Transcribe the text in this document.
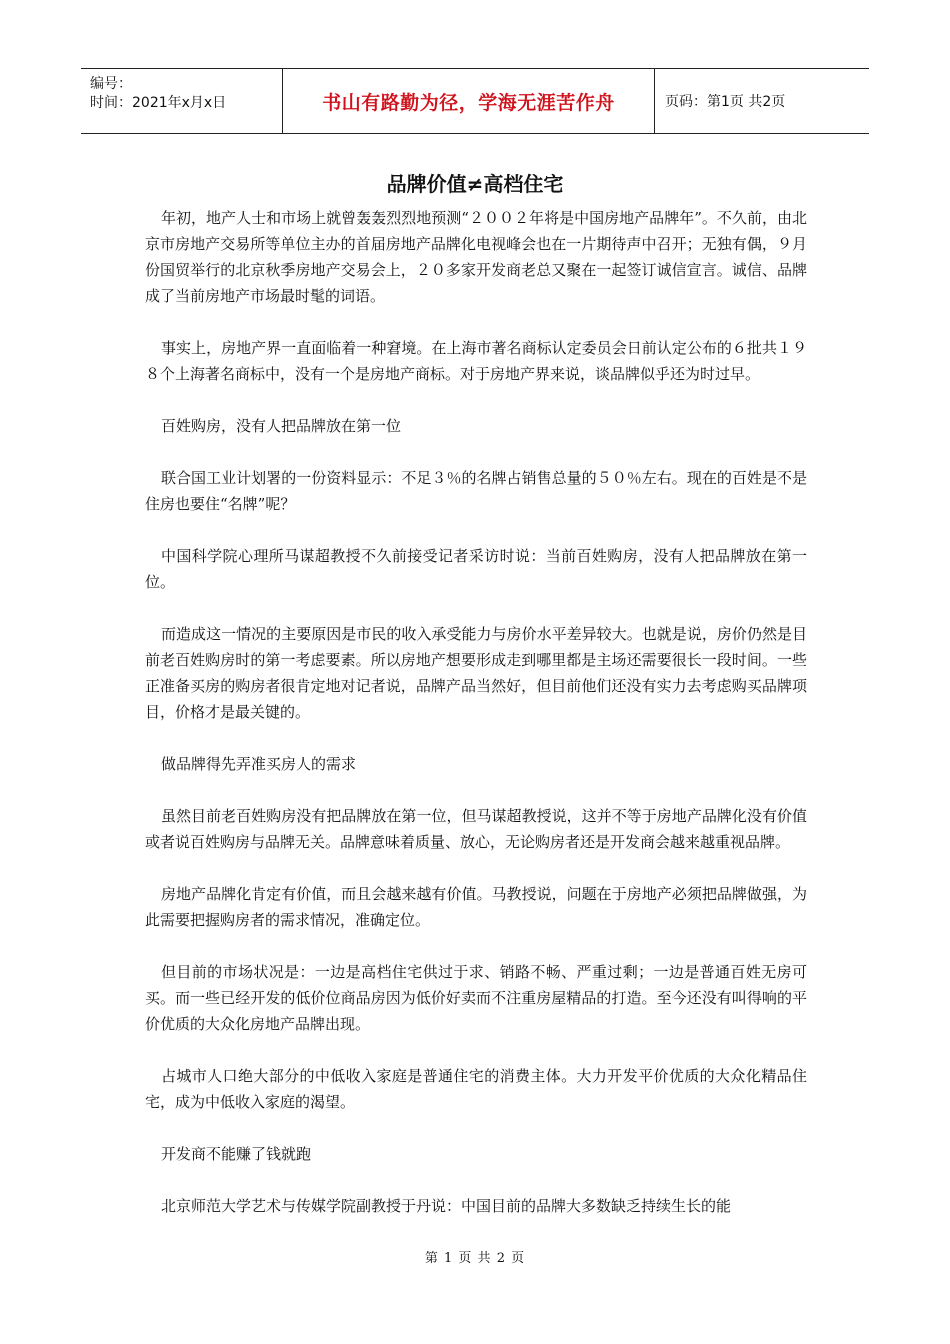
编号：
时间：2021年x月x日	书山有路勤为径，学海无涯苦作舟	页码：第1页 共2页
品牌价值≠高档住宅

年初，地产人士和市场上就曾轰轰烈烈地预测“２００２年将是中国房地产品牌年”。不久前，由北京市房地产交易所等单位主办的首届房地产品牌化电视峰会也在一片期待声中召开；无独有偶，９月份国贸举行的北京秋季房地产交易会上，２０多家开发商老总又聚在一起签订诚信宣言。诚信、品牌成了当前房地产市场最时髦的词语。

事实上，房地产界一直面临着一种窘境。在上海市著名商标认定委员会日前认定公布的６批共１９８个上海著名商标中，没有一个是房地产商标。对于房地产界来说，谈品牌似乎还为时过早。

百姓购房，没有人把品牌放在第一位

联合国工业计划署的一份资料显示：不足３％的名牌占销售总量的５０％左右。现在的百姓是不是住房也要住“名牌”呢？

中国科学院心理所马谋超教授不久前接受记者采访时说：当前百姓购房，没有人把品牌放在第一位。

而造成这一情况的主要原因是市民的收入承受能力与房价水平差异较大。也就是说，房价仍然是目前老百姓购房时的第一考虑要素。所以房地产想要形成走到哪里都是主场还需要很长一段时间。一些正准备买房的购房者很肯定地对记者说，品牌产品当然好，但目前他们还没有实力去考虑购买品牌项目，价格才是最关键的。

做品牌得先弄准买房人的需求

虽然目前老百姓购房没有把品牌放在第一位，但马谋超教授说，这并不等于房地产品牌化没有价值或者说百姓购房与品牌无关。品牌意味着质量、放心，无论购房者还是开发商会越来越重视品牌。

房地产品牌化肯定有价值，而且会越来越有价值。马教授说，问题在于房地产必须把品牌做强，为此需要把握购房者的需求情况，准确定位。

但目前的市场状况是：一边是高档住宅供过于求、销路不畅、严重过剩；一边是普通百姓无房可买。而一些已经开发的低价位商品房因为低价好卖而不注重房屋精品的打造。至今还没有叫得响的平价优质的大众化房地产品牌出现。

占城市人口绝大部分的中低收入家庭是普通住宅的消费主体。大力开发平价优质的大众化精品住宅，成为中低收入家庭的渴望。

开发商不能赚了钱就跑

北京师范大学艺术与传媒学院副教授于丹说：中国目前的品牌大多数缺乏持续生长的能

第 1 页 共 2 页
